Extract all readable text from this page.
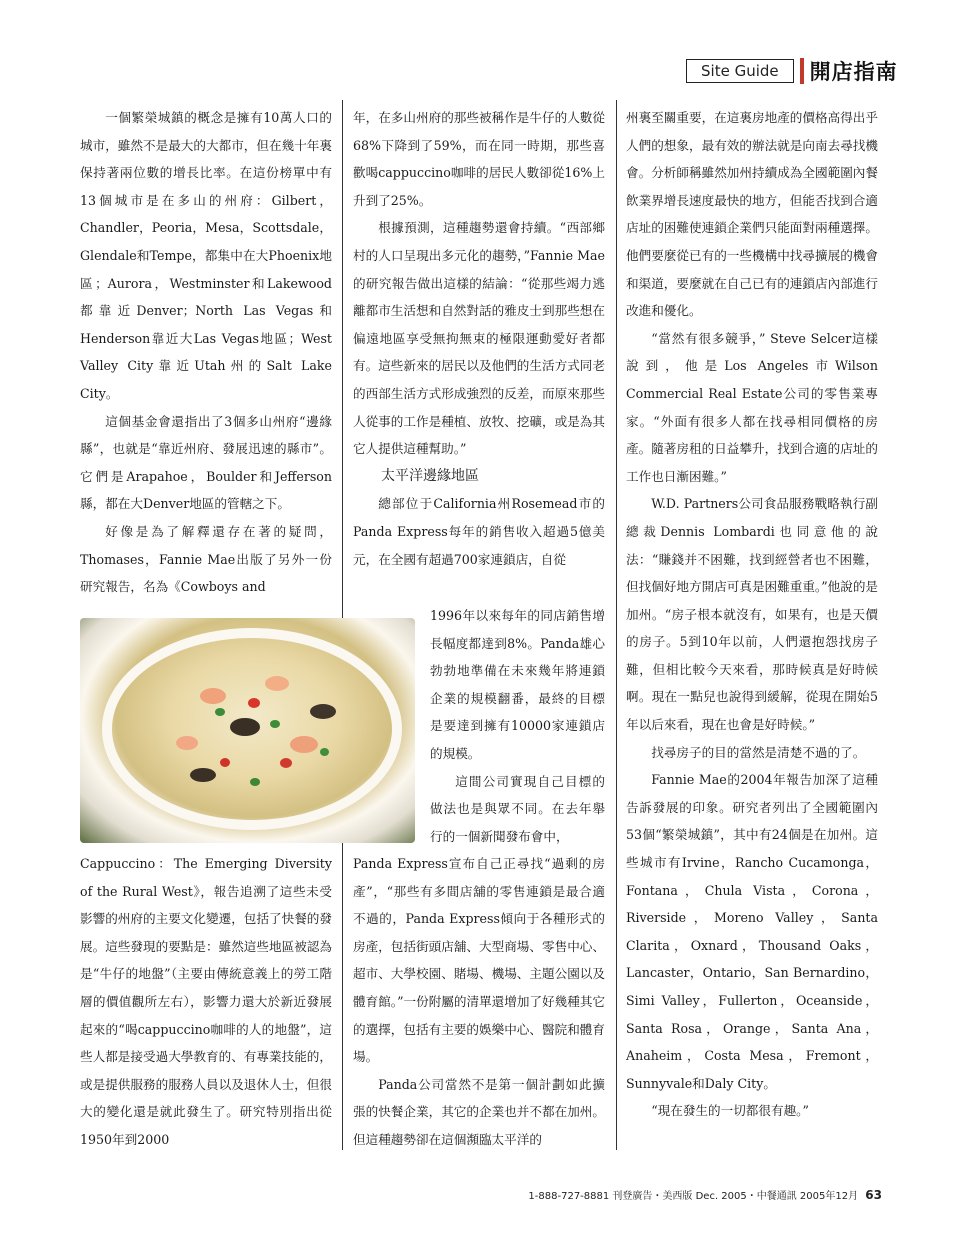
Site Guide	開店指南

一個繁榮城鎮的概念是擁有10萬人口的城市，雖然不是最大的大都市，但在幾十年裏保持著兩位數的增長比率。在這份榜單中有13個城市是在多山的州府：Gilbert，Chandler，Peoria，Mesa，Scottsdale，Glendale和Tempe，都集中在大Phoenix地區；Aurora，Westminster和Lakewood都靠近Denver；North Las Vegas和Henderson靠近大Las Vegas地區；West Valley City靠近Utah州的Salt Lake City。

這個基金會還指出了3個多山州府“邊緣縣”，也就是“靠近州府、發展迅速的縣市”。它們是Arapahoe，Boulder和Jefferson縣，都在大Denver地區的管轄之下。

好像是為了解釋還存在著的疑問，Thomases，Fannie Mae出版了另外一份研究報告，名為《Cowboys and

Cappuccino：The Emerging Diversity of the Rural West》，報告追溯了這些未受影響的州府的主要文化變遷，包括了快餐的發展。這些發現的要點是：雖然這些地區被認為是“牛仔的地盤”（主要由傳統意義上的勞工階層的價值觀所左右），影響力還大於新近發展起來的“喝cappuccino咖啡的人的地盤”，這些人都是接受過大學教育的、有專業技能的，或是提供服務的服務人員以及退休人士，但很大的變化還是就此發生了。研究特別指出從1950年到2000

年，在多山州府的那些被稱作是牛仔的人數從68%下降到了59%，而在同一時期，那些喜歡喝cappuccino咖啡的居民人數卻從16%上升到了25%。

根據預測，這種趨勢還會持續。“西部鄉村的人口呈現出多元化的趨勢，”Fannie Mae的研究報告做出這樣的結論：“從那些竭力逃離都市生活想和自然對話的雅皮士到那些想在偏遠地區享受無拘無束的極限運動愛好者都有。這些新來的居民以及他們的生活方式同老的西部生活方式形成強烈的反差，而原來那些人從事的工作是種植、放牧、挖礦，或是為其它人提供這種幫助。”

太平洋邊緣地區

總部位于California州Rosemead市的Panda Express每年的銷售收入超過5億美元，在全國有超過700家連鎖店，自從

1996年以來每年的同店銷售增長幅度都達到8%。Panda雄心勃勃地準備在未來幾年將連鎖企業的規模翻番，最終的目標是要達到擁有10000家連鎖店的規模。

這間公司實現自己目標的做法也是與眾不同。在去年舉行的一個新聞發布會中，

Panda Express宣布自己正尋找“過剩的房產”，“那些有多間店舖的零售連鎖是最合適不過的，Panda Express傾向于各種形式的房產，包括街頭店舖、大型商場、零售中心、超市、大學校園、賭場、機場、主題公園以及體育館。”一份附屬的清單還增加了好幾種其它的選擇，包括有主要的娛樂中心、醫院和體育場。

Panda公司當然不是第一個計劃如此擴張的快餐企業，其它的企業也并不都在加州。但這種趨勢卻在這個瀕臨太平洋的

州裏至關重要，在這裏房地產的價格高得出乎人們的想象，最有效的辦法就是向南去尋找機會。分析師稱雖然加州持續成為全國範圍內餐飲業界增長速度最快的地方，但能否找到合適店址的困難使連鎖企業們只能面對兩種選擇。他們要麼從已有的一些機構中找尋擴展的機會和渠道，要麼就在自己已有的連鎖店內部進行改進和優化。

“當然有很多競爭，” Steve Selcer這樣說到，他是Los Angeles市Wilson Commercial Real Estate公司的零售業專家。“外面有很多人都在找尋相同價格的房產。隨著房租的日益攀升，找到合適的店址的工作也日漸困難。”

W.D. Partners公司食品服務戰略執行副總裁Dennis Lombardi也同意他的說法：“賺錢并不困難，找到經營者也不困難，但找個好地方開店可真是困難重重。”他說的是加州。“房子根本就沒有，如果有，也是天價的房子。5到10年以前，人們還抱怨找房子難，但相比較今天來看，那時候真是好時候啊。現在一點兒也說得到緩解，從現在開始5年以后來看，現在也會是好時候。”

找尋房子的目的當然是清楚不過的了。

Fannie Mae的2004年報告加深了這種告訴發展的印象。研究者列出了全國範圍內53個“繁榮城鎮”，其中有24個是在加州。這些城市有Irvine，Rancho Cucamonga，Fontana，Chula Vista，Corona，Riverside，Moreno Valley，Santa Clarita，Oxnard，Thousand Oaks，Lancaster，Ontario，San Bernardino，Simi Valley，Fullerton，Oceanside，Santa Rosa，Orange，Santa Ana，Anaheim，Costa Mesa，Fremont，Sunnyvale和Daly City。

“現在發生的一切都很有趣。”

1-888-727-8881 刊登廣告・美西版 Dec. 2005・中餐通訊 2005年12月 63
